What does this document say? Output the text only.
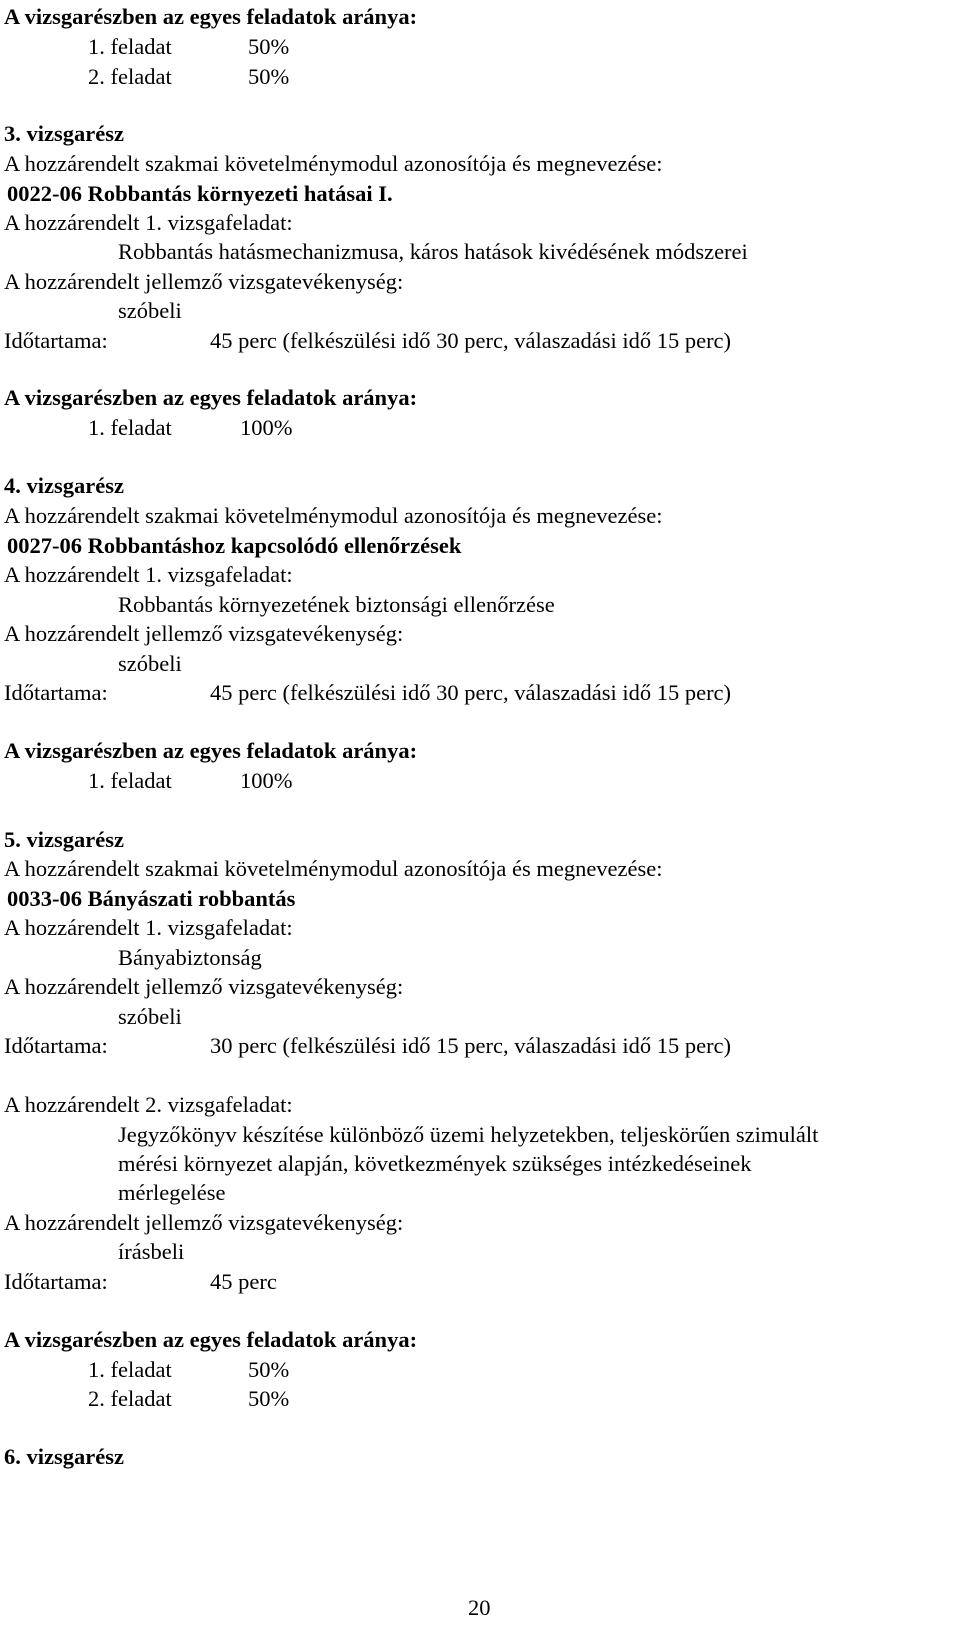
A vizsgarészben az egyes feladatok aránya:
1. feladat	50%
2. feladat	50%
3. vizsgarész
A hozzárendelt szakmai követelménymodul azonosítója és megnevezése:
0022-06 Robbantás környezeti hatásai I.
A hozzárendelt 1. vizsgafeladat:
Robbantás hatásmechanizmusa, káros hatások kivédésének módszerei
A hozzárendelt jellemző vizsgatevékenység:
szóbeli
Időtartama:	45 perc (felkészülési idő 30 perc, válaszadási idő 15 perc)
A vizsgarészben az egyes feladatok aránya:
1. feladat	100%
4. vizsgarész
A hozzárendelt szakmai követelménymodul azonosítója és megnevezése:
0027-06 Robbantáshoz kapcsolódó ellenőrzések
A hozzárendelt 1. vizsgafeladat:
Robbantás környezetének biztonsági ellenőrzése
A hozzárendelt jellemző vizsgatevékenység:
szóbeli
Időtartama:	45 perc (felkészülési idő 30 perc, válaszadási idő 15 perc)
A vizsgarészben az egyes feladatok aránya:
1. feladat	100%
5. vizsgarész
A hozzárendelt szakmai követelménymodul azonosítója és megnevezése:
0033-06 Bányászati robbantás
A hozzárendelt 1. vizsgafeladat:
Bányabiztonság
A hozzárendelt jellemző vizsgatevékenység:
szóbeli
Időtartama:	30 perc (felkészülési idő 15 perc, válaszadási idő 15 perc)
A hozzárendelt 2. vizsgafeladat:
Jegyzőkönyv készítése különböző üzemi helyzetekben, teljeskörűen szimulált
mérési környezet alapján, következmények szükséges intézkedéseinek
mérlegelése
A hozzárendelt jellemző vizsgatevékenység:
írásbeli
Időtartama:	45 perc
A vizsgarészben az egyes feladatok aránya:
1. feladat	50%
2. feladat	50%
6. vizsgarész
20
